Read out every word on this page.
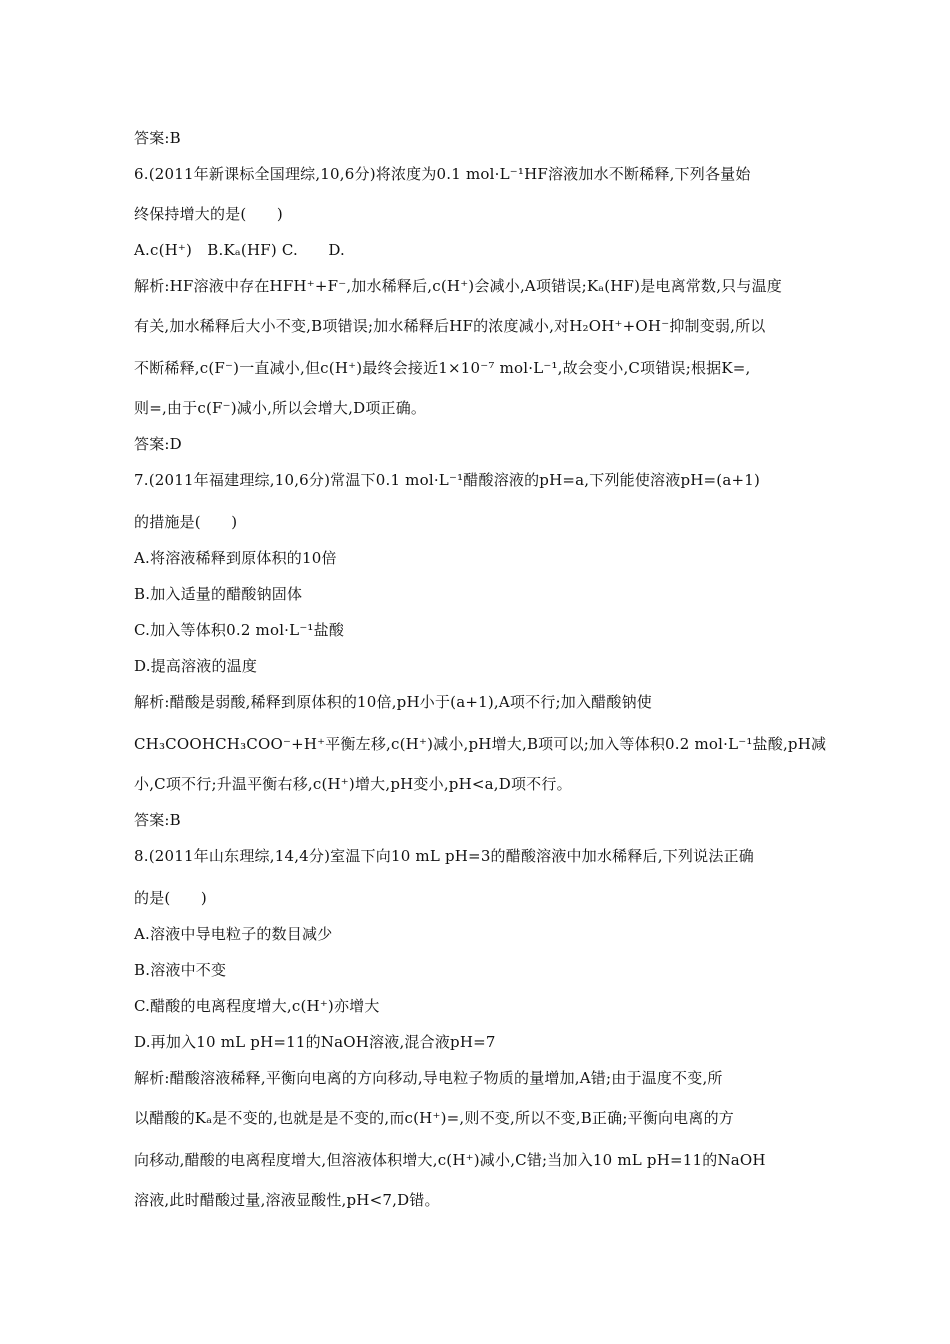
答案:B

6.(2011年新课标全国理综,10,6分)将浓度为0.1 mol·L⁻¹HF溶液加水不断稀释,下列各量始

终保持增大的是(　　)

A.c(H⁺)　B.Kₐ(HF) C.　　D.

解析:HF溶液中存在HFH⁺+F⁻,加水稀释后,c(H⁺)会减小,A项错误;Kₐ(HF)是电离常数,只与温度

有关,加水稀释后大小不变,B项错误;加水稀释后HF的浓度减小,对H₂OH⁺+OH⁻抑制变弱,所以

不断稀释,c(F⁻)一直减小,但c(H⁺)最终会接近1×10⁻⁷ mol·L⁻¹,故会变小,C项错误;根据K=,

则=,由于c(F⁻)减小,所以会增大,D项正确。

答案:D

7.(2011年福建理综,10,6分)常温下0.1 mol·L⁻¹醋酸溶液的pH=a,下列能使溶液pH=(a+1)

的措施是(　　)

A.将溶液稀释到原体积的10倍

B.加入适量的醋酸钠固体

C.加入等体积0.2 mol·L⁻¹盐酸

D.提高溶液的温度

解析:醋酸是弱酸,稀释到原体积的10倍,pH小于(a+1),A项不行;加入醋酸钠使

CH₃COOHCH₃COO⁻+H⁺平衡左移,c(H⁺)减小,pH增大,B项可以;加入等体积0.2 mol·L⁻¹盐酸,pH减

小,C项不行;升温平衡右移,c(H⁺)增大,pH变小,pH<a,D项不行。

答案:B

8.(2011年山东理综,14,4分)室温下向10 mL pH=3的醋酸溶液中加水稀释后,下列说法正确

的是(　　)

A.溶液中导电粒子的数目减少

B.溶液中不变

C.醋酸的电离程度增大,c(H⁺)亦增大

D.再加入10 mL pH=11的NaOH溶液,混合液pH=7

解析:醋酸溶液稀释,平衡向电离的方向移动,导电粒子物质的量增加,A错;由于温度不变,所

以醋酸的Kₐ是不变的,也就是是不变的,而c(H⁺)=,则不变,所以不变,B正确;平衡向电离的方

向移动,醋酸的电离程度增大,但溶液体积增大,c(H⁺)减小,C错;当加入10 mL pH=11的NaOH

溶液,此时醋酸过量,溶液显酸性,pH<7,D错。
